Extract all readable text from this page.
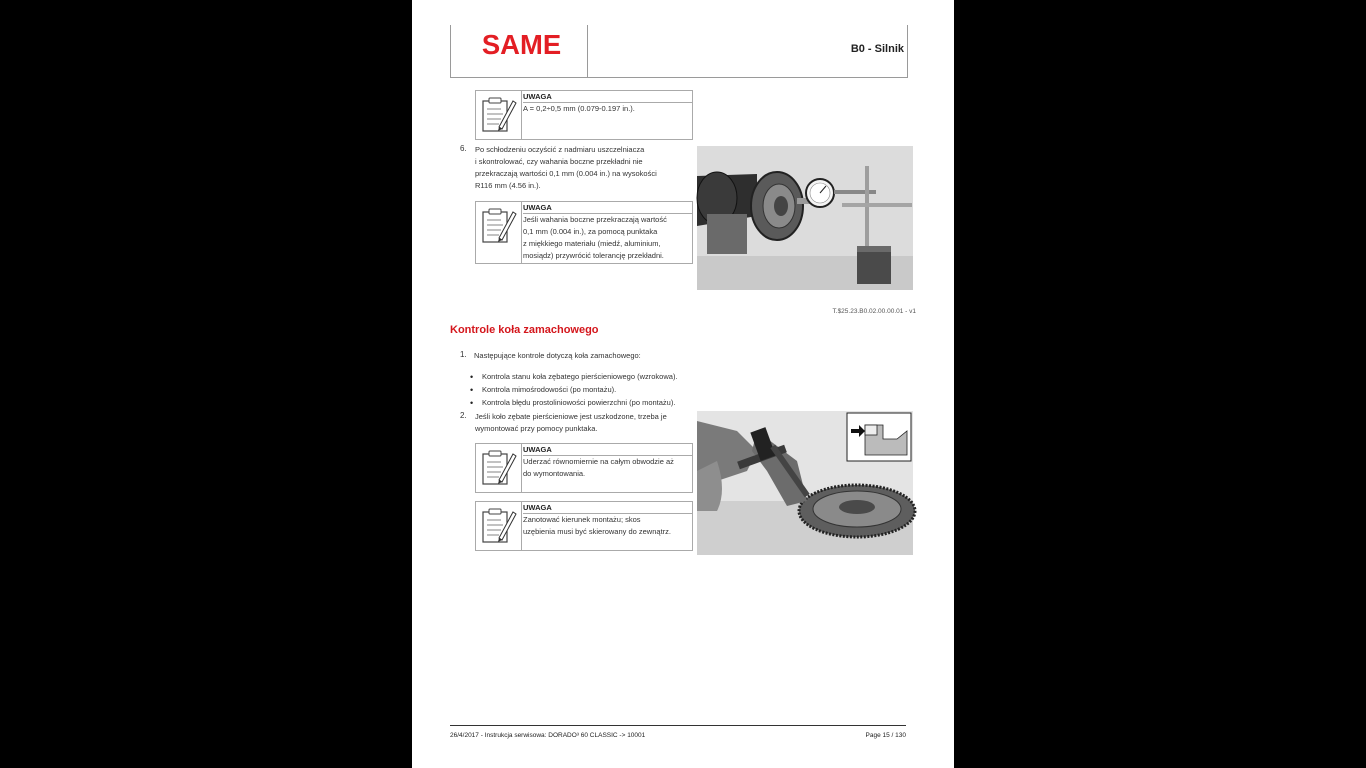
SAME	B0 - Silnik
UWAGA
A = 0,2÷0,5 mm (0.079-0.197 in.).
6. Po schłodzeniu oczyścić z nadmiaru uszczelniacza
i skontrolować, czy wahania boczne przekładni nie
przekraczają wartości 0,1 mm (0.004 in.) na wysokości
R116 mm (4.56 in.).
UWAGA
Jeśli wahania boczne przekraczają wartość
0,1 mm (0.004 in.), za pomocą punktaka
z miękkiego materiału (miedź, aluminium,
mosiądz) przywrócić tolerancję przekładni.
T.$25.23.B0.02.00.00.01 - v1
Kontrole koła zamachowego
1. Następujące kontrole dotyczą koła zamachowego:
• Kontrola stanu koła zębatego pierścieniowego (wzrokowa).
• Kontrola mimośrodowości (po montażu).
• Kontrola błędu prostoliniowości powierzchni (po montażu).
2. Jeśli koło zębate pierścieniowe jest uszkodzone, trzeba je
wymontować przy pomocy punktaka.
UWAGA
Uderzać równomiernie na całym obwodzie aż
do wymontowania.
UWAGA
Zanotować kierunek montażu; skos
uzębienia musi być skierowany do zewnątrz.
26/4/2017 - Instrukcja serwisowa: DORADO³ 60 CLASSIC -> 10001	Page 15 / 130
